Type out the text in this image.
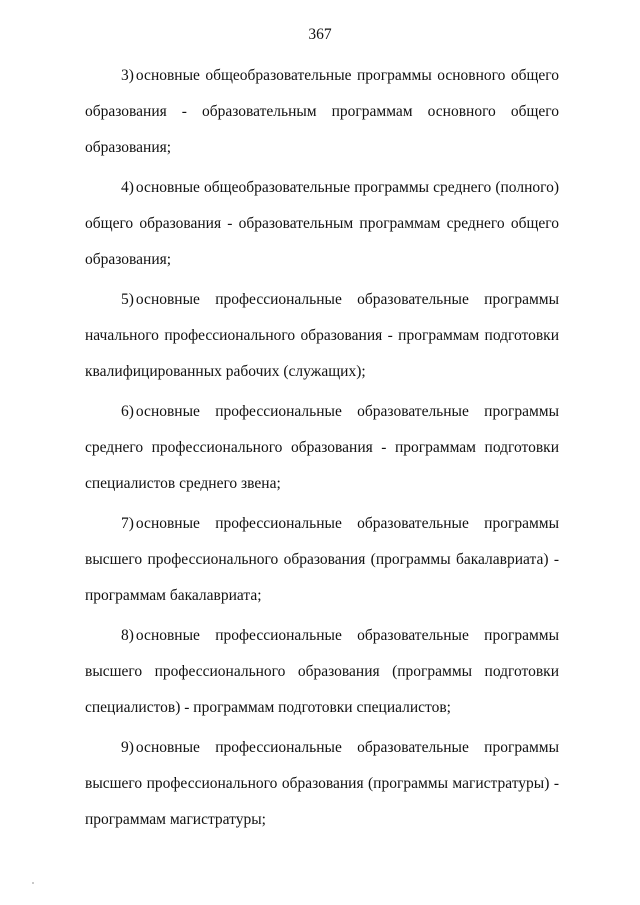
367

3) основные общеобразовательные программы основного общего образования - образовательным программам основного общего образования;

4) основные общеобразовательные программы среднего (полного) общего образования - образовательным программам среднего общего образования;

5) основные профессиональные образовательные программы начального профессионального образования - программам подготовки квалифицированных рабочих (служащих);

6) основные профессиональные образовательные программы среднего профессионального образования - программам подготовки специалистов среднего звена;

7) основные профессиональные образовательные программы высшего профессионального образования (программы бакалавриата) - программам бакалавриата;

8) основные профессиональные образовательные программы высшего профессионального образования (программы подготовки специалистов) - программам подготовки специалистов;

9) основные профессиональные образовательные программы высшего профессионального образования (программы магистратуры) - программам магистратуры;
